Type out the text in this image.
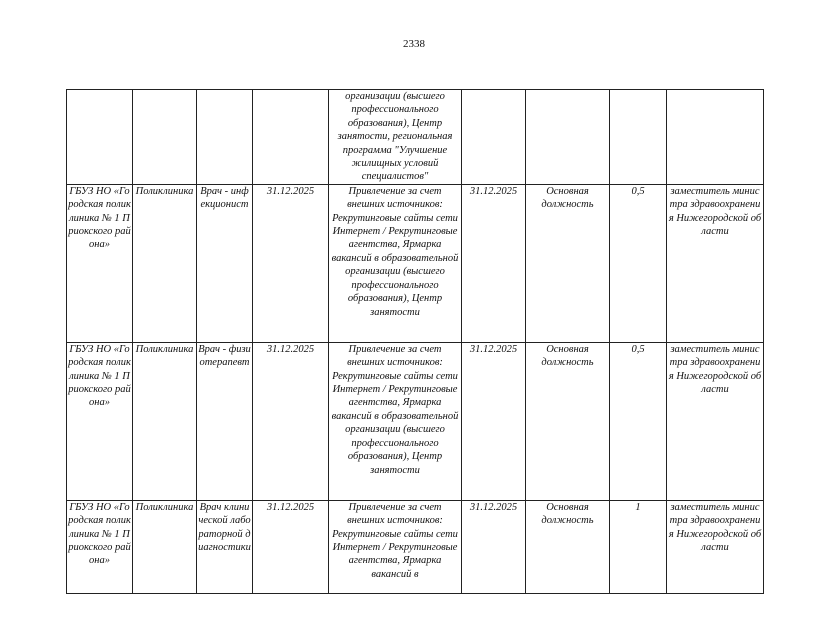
2338
				организации (высшего профессионального образования), Центр занятости, региональная программа "Улучшение жилищных условий специалистов"				
ГБУЗ НО «Городская поликлиника № 1 Приокского района»	Поликлиника	Врач - инфекционист	31.12.2025	Привлечение за счет внешних источников: Рекрутинговые сайты сети Интернет / Рекрутинговые агентства, Ярмарка вакансий в образовательной организации (высшего профессионального образования), Центр занятости	31.12.2025	Основная должность	0,5	заместитель министра здравоохранения Нижегородской области
ГБУЗ НО «Городская поликлиника № 1 Приокского района»	Поликлиника	Врач - физиотерапевт	31.12.2025	Привлечение за счет внешних источников: Рекрутинговые сайты сети Интернет / Рекрутинговые агентства, Ярмарка вакансий в образовательной организации (высшего профессионального образования), Центр занятости	31.12.2025	Основная должность	0,5	заместитель министра здравоохранения Нижегородской области
ГБУЗ НО «Городская поликлиника № 1 Приокского района»	Поликлиника	Врач клинической лабораторной диагностики	31.12.2025	Привлечение за счет внешних источников: Рекрутинговые сайты сети Интернет / Рекрутинговые агентства, Ярмарка вакансий в	31.12.2025	Основная должность	1	заместитель министра здравоохранения Нижегородской области
